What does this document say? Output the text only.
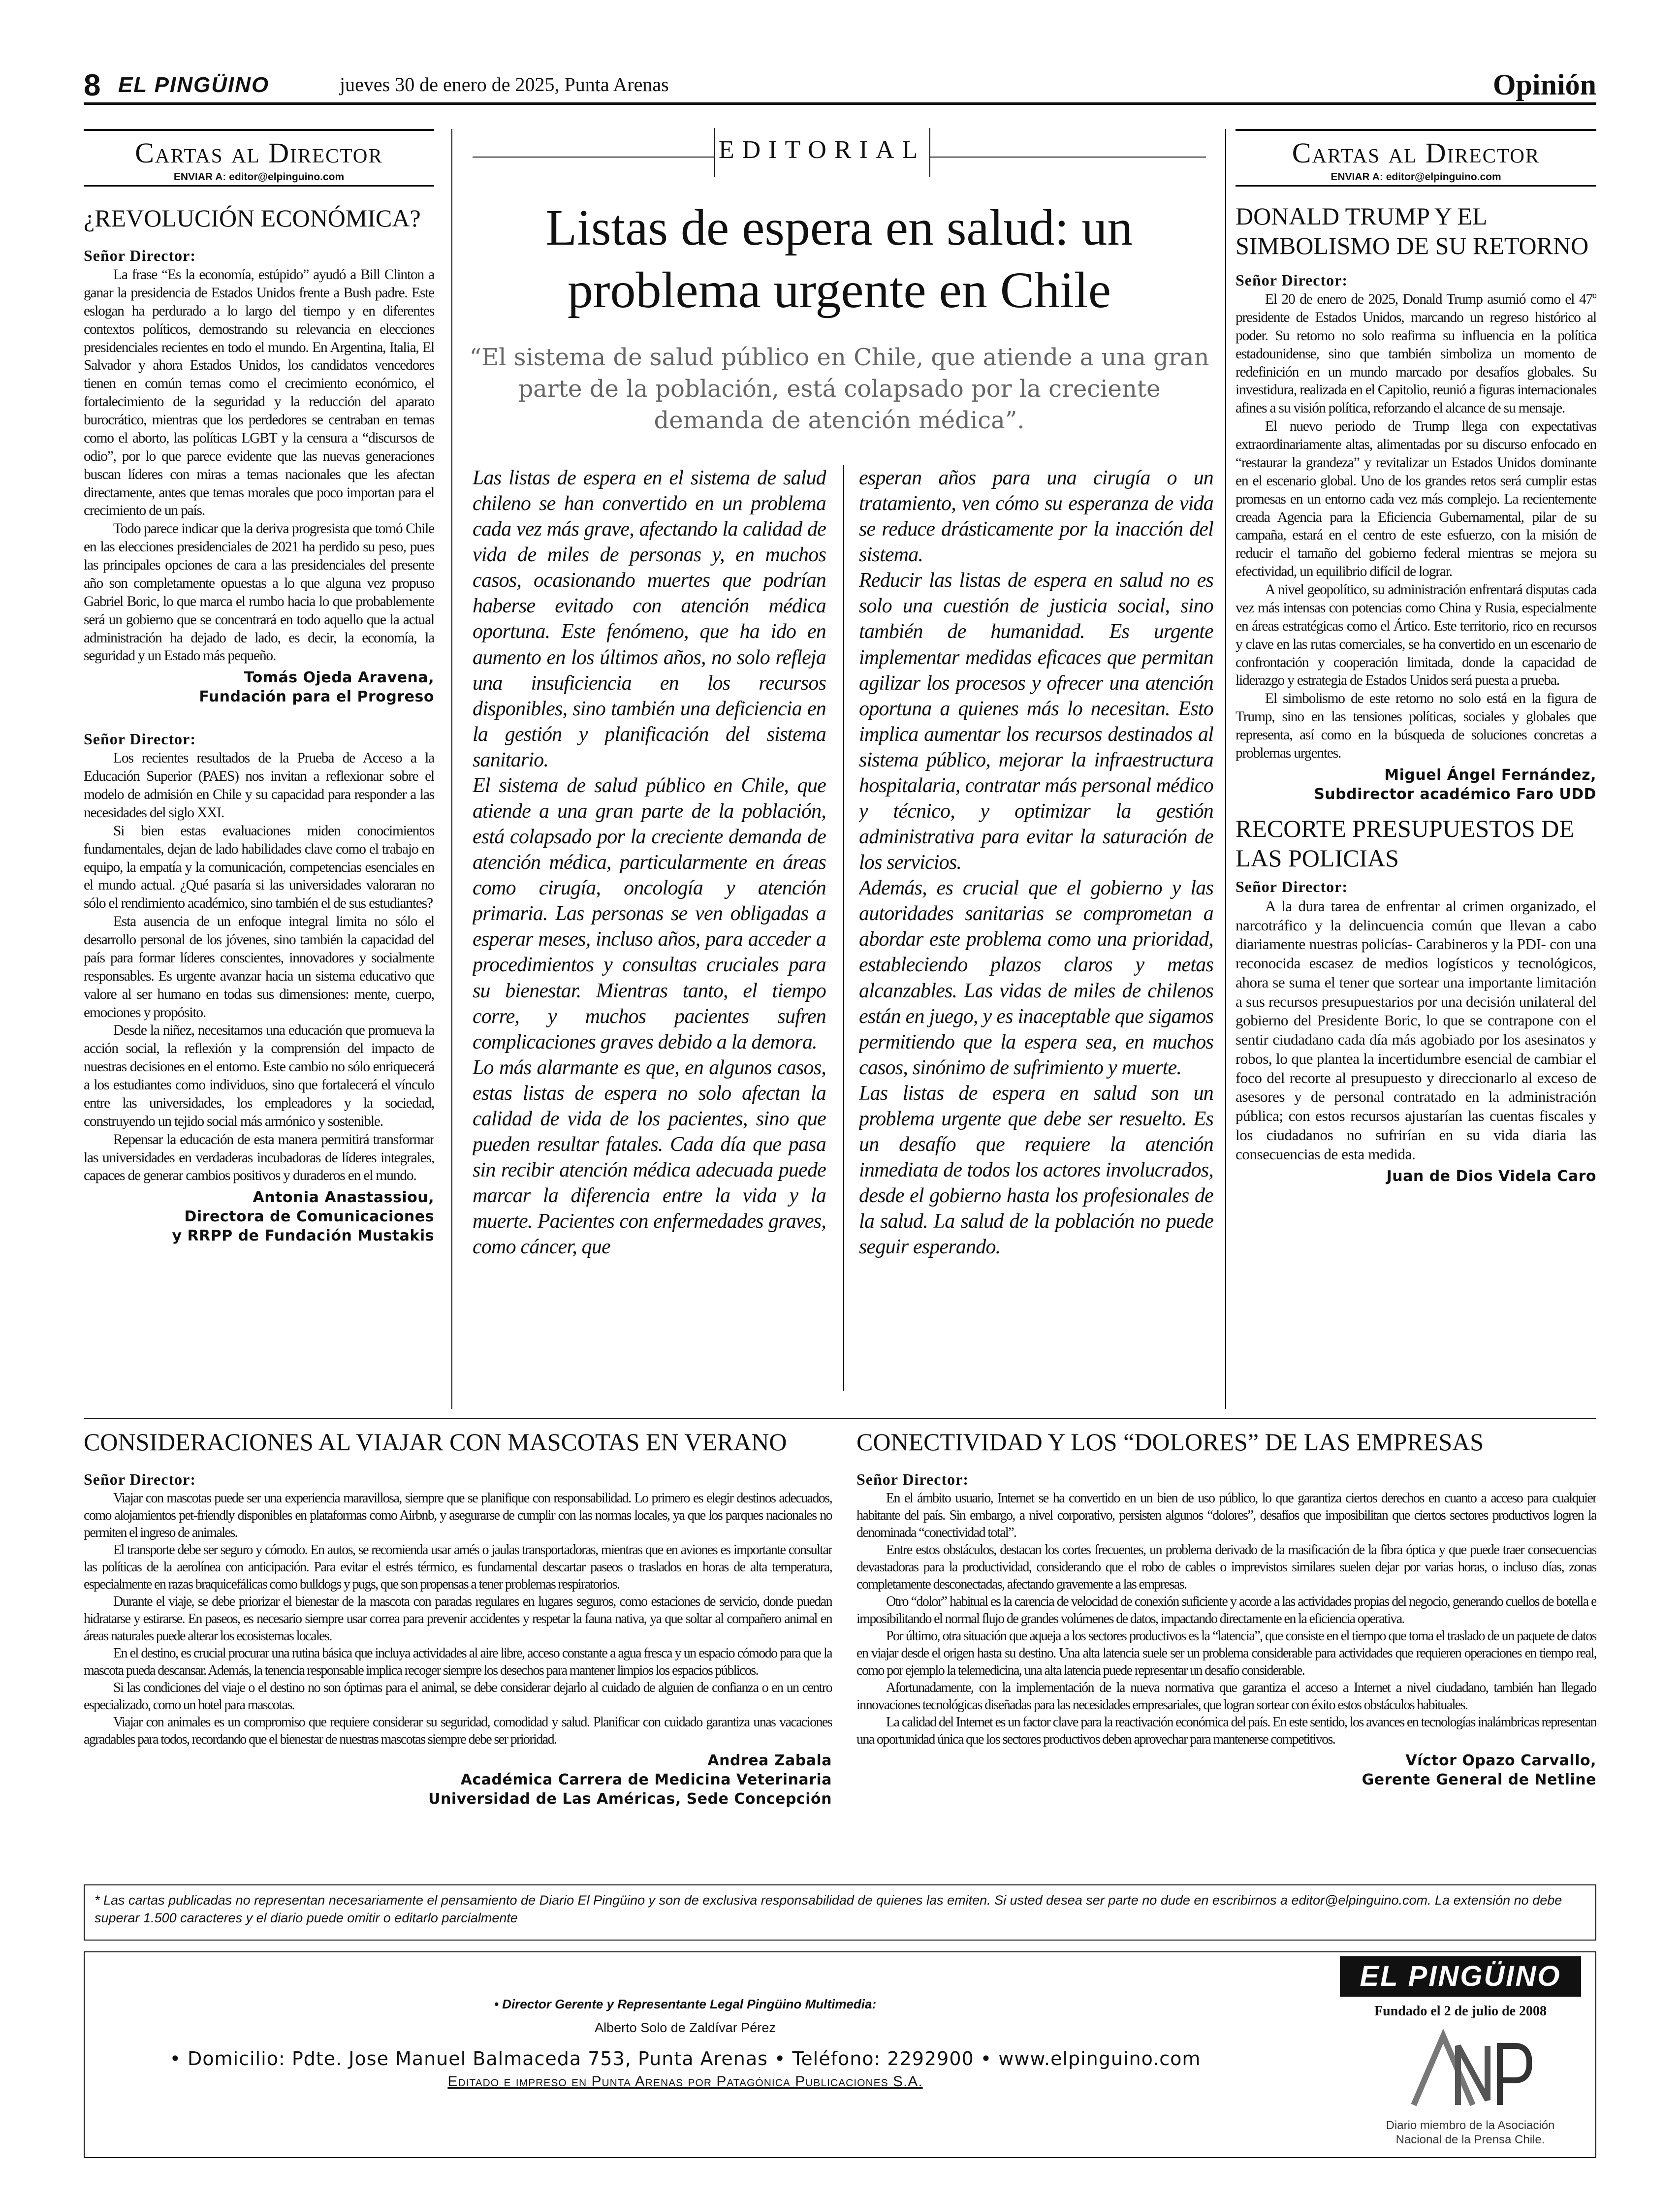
8 EL PINGÜINO	jueves 30 de enero de 2025, Punta Arenas	Opinión
Cartas al Director
ENVIAR A: editor@elpinguino.com
¿REVOLUCIÓN ECONÓMICA?
Señor Director:

La frase “Es la economía, estúpido” ayudó a Bill Clinton a ganar la presidencia de Estados Unidos frente a Bush padre. Este eslogan ha perdurado a lo largo del tiempo y en diferentes contextos políticos, demostrando su relevancia en elecciones presidenciales recientes en todo el mundo. En Argentina, Italia, El Salvador y ahora Estados Unidos, los candidatos vencedores tienen en común temas como el crecimiento económico, el fortalecimiento de la seguridad y la reducción del aparato burocrático, mientras que los perdedores se centraban en temas como el aborto, las políticas LGBT y la censura a “discursos de odio”, por lo que parece evidente que las nuevas generaciones buscan líderes con miras a temas nacionales que les afectan directamente, antes que temas morales que poco importan para el crecimiento de un país.

Todo parece indicar que la deriva progresista que tomó Chile en las elecciones presidenciales de 2021 ha perdido su peso, pues las principales opciones de cara a las presidenciales del presente año son completamente opuestas a lo que alguna vez propuso Gabriel Boric, lo que marca el rumbo hacia lo que probablemente será un gobierno que se concentrará en todo aquello que la actual administración ha dejado de lado, es decir, la economía, la seguridad y un Estado más pequeño.

Tomás Ojeda Aravena,
Fundación para el Progreso
Señor Director:

Los recientes resultados de la Prueba de Acceso a la Educación Superior (PAES) nos invitan a reflexionar sobre el modelo de admisión en Chile y su capacidad para responder a las necesidades del siglo XXI.

Si bien estas evaluaciones miden conocimientos fundamentales, dejan de lado habilidades clave como el trabajo en equipo, la empatía y la comunicación, competencias esenciales en el mundo actual. ¿Qué pasaría si las universidades valoraran no sólo el rendimiento académico, sino también el de sus estudiantes?

Esta ausencia de un enfoque integral limita no sólo el desarrollo personal de los jóvenes, sino también la capacidad del país para formar líderes conscientes, innovadores y socialmente responsables. Es urgente avanzar hacia un sistema educativo que valore al ser humano en todas sus dimensiones: mente, cuerpo, emociones y propósito.

Desde la niñez, necesitamos una educación que promueva la acción social, la reflexión y la comprensión del impacto de nuestras decisiones en el entorno. Este cambio no sólo enriquecerá a los estudiantes como individuos, sino que fortalecerá el vínculo entre las universidades, los empleadores y la sociedad, construyendo un tejido social más armónico y sostenible.

Repensar la educación de esta manera permitirá transformar las universidades en verdaderas incubadoras de líderes integrales, capaces de generar cambios positivos y duraderos en el mundo.

Antonia Anastassiou,
Directora de Comunicaciones
y RRPP de Fundación Mustakis
EDITORIAL
Listas de espera en salud: un problema urgente en Chile
“El sistema de salud público en Chile, que atiende a una gran parte de la población, está colapsado por la creciente demanda de atención médica”.

Las listas de espera en el sistema de salud chileno se han convertido en un problema cada vez más grave, afectando la calidad de vida de miles de personas y, en muchos casos, ocasionando muertes que podrían haberse evitado con atención médica oportuna. Este fenómeno, que ha ido en aumento en los últimos años, no solo refleja una insuficiencia en los recursos disponibles, sino también una deficiencia en la gestión y planificación del sistema sanitario.

El sistema de salud público en Chile, que atiende a una gran parte de la población, está colapsado por la creciente demanda de atención médica, particularmente en áreas como cirugía, oncología y atención primaria. Las personas se ven obligadas a esperar meses, incluso años, para acceder a procedimientos y consultas cruciales para su bienestar. Mientras tanto, el tiempo corre, y muchos pacientes sufren complicaciones graves debido a la demora.

Lo más alarmante es que, en algunos casos, estas listas de espera no solo afectan la calidad de vida de los pacientes, sino que pueden resultar fatales. Cada día que pasa sin recibir atención médica adecuada puede marcar la diferencia entre la vida y la muerte. Pacientes con enfermedades graves, como cáncer, que

esperan años para una cirugía o un tratamiento, ven cómo su esperanza de vida se reduce drásticamente por la inacción del sistema.

Reducir las listas de espera en salud no es solo una cuestión de justicia social, sino también de humanidad. Es urgente implementar medidas eficaces que permitan agilizar los procesos y ofrecer una atención oportuna a quienes más lo necesitan. Esto implica aumentar los recursos destinados al sistema público, mejorar la infraestructura hospitalaria, contratar más personal médico y técnico, y optimizar la gestión administrativa para evitar la saturación de los servicios.

Además, es crucial que el gobierno y las autoridades sanitarias se comprometan a abordar este problema como una prioridad, estableciendo plazos claros y metas alcanzables. Las vidas de miles de chilenos están en juego, y es inaceptable que sigamos permitiendo que la espera sea, en muchos casos, sinónimo de sufrimiento y muerte.

Las listas de espera en salud son un problema urgente que debe ser resuelto. Es un desafío que requiere la atención inmediata de todos los actores involucrados, desde el gobierno hasta los profesionales de la salud. La salud de la población no puede seguir esperando.

Cartas al Director
ENVIAR A: editor@elpinguino.com
DONALD TRUMP Y EL SIMBOLISMO DE SU RETORNO
Señor Director:

El 20 de enero de 2025, Donald Trump asumió como el 47º presidente de Estados Unidos, marcando un regreso histórico al poder. Su retorno no solo reafirma su influencia en la política estadounidense, sino que también simboliza un momento de redefinición en un mundo marcado por desafíos globales. Su investidura, realizada en el Capitolio, reunió a figuras internacionales afines a su visión política, reforzando el alcance de su mensaje.

El nuevo periodo de Trump llega con expectativas extraordinariamente altas, alimentadas por su discurso enfocado en “restaurar la grandeza” y revitalizar un Estados Unidos dominante en el escenario global. Uno de los grandes retos será cumplir estas promesas en un entorno cada vez más complejo. La recientemente creada Agencia para la Eficiencia Gubernamental, pilar de su campaña, estará en el centro de este esfuerzo, con la misión de reducir el tamaño del gobierno federal mientras se mejora su efectividad, un equilibrio difícil de lograr.

A nivel geopolítico, su administración enfrentará disputas cada vez más intensas con potencias como China y Rusia, especialmente en áreas estratégicas como el Ártico. Este territorio, rico en recursos y clave en las rutas comerciales, se ha convertido en un escenario de confrontación y cooperación limitada, donde la capacidad de liderazgo y estrategia de Estados Unidos será puesta a prueba.

El simbolismo de este retorno no solo está en la figura de Trump, sino en las tensiones políticas, sociales y globales que representa, así como en la búsqueda de soluciones concretas a problemas urgentes.

Miguel Ángel Fernández,
Subdirector académico Faro UDD
RECORTE PRESUPUESTOS DE LAS POLICIAS
Señor Director:

A la dura tarea de enfrentar al crimen organizado, el narcotráfico y la delincuencia común que llevan a cabo diariamente nuestras policías- Carabineros y la PDI- con una reconocida escasez de medios logísticos y tecnológicos, ahora se suma el tener que sortear una importante limitación a sus recursos presupuestarios por una decisión unilateral del gobierno del Presidente Boric, lo que se contrapone con el sentir ciudadano cada día más agobiado por los asesinatos y robos, lo que plantea la incertidumbre esencial de cambiar el foco del recorte al presupuesto y direccionarlo al exceso de asesores y de personal contratado en la administración pública; con estos recursos ajustarían las cuentas fiscales y los ciudadanos no sufrirían en su vida diaria las consecuencias de esta medida.

Juan de Dios Videla Caro
CONSIDERACIONES AL VIAJAR CON MASCOTAS EN VERANO
Señor Director:

Viajar con mascotas puede ser una experiencia maravillosa, siempre que se planifique con responsabilidad. Lo primero es elegir destinos adecuados, como alojamientos pet-friendly disponibles en plataformas como Airbnb, y asegurarse de cumplir con las normas locales, ya que los parques nacionales no permiten el ingreso de animales.

El transporte debe ser seguro y cómodo. En autos, se recomienda usar arnés o jaulas transportadoras, mientras que en aviones es importante consultar las políticas de la aerolínea con anticipación. Para evitar el estrés térmico, es fundamental descartar paseos o traslados en horas de alta temperatura, especialmente en razas braquicefálicas como bulldogs y pugs, que son propensas a tener problemas respiratorios.

Durante el viaje, se debe priorizar el bienestar de la mascota con paradas regulares en lugares seguros, como estaciones de servicio, donde puedan hidratarse y estirarse. En paseos, es necesario siempre usar correa para prevenir accidentes y respetar la fauna nativa, ya que soltar al compañero animal en áreas naturales puede alterar los ecosistemas locales.

En el destino, es crucial procurar una rutina básica que incluya actividades al aire libre, acceso constante a agua fresca y un espacio cómodo para que la mascota pueda descansar. Además, la tenencia responsable implica recoger siempre los desechos para mantener limpios los espacios públicos.

Si las condiciones del viaje o el destino no son óptimas para el animal, se debe considerar dejarlo al cuidado de alguien de confianza o en un centro especializado, como un hotel para mascotas.

Viajar con animales es un compromiso que requiere considerar su seguridad, comodidad y salud. Planificar con cuidado garantiza unas vacaciones agradables para todos, recordando que el bienestar de nuestras mascotas siempre debe ser prioridad.

Andrea Zabala
Académica Carrera de Medicina Veterinaria
Universidad de Las Américas, Sede Concepción
CONECTIVIDAD Y LOS “DOLORES” DE LAS EMPRESAS
Señor Director:

En el ámbito usuario, Internet se ha convertido en un bien de uso público, lo que garantiza ciertos derechos en cuanto a acceso para cualquier habitante del país. Sin embargo, a nivel corporativo, persisten algunos “dolores”, desafíos que imposibilitan que ciertos sectores productivos logren la denominada “conectividad total”.

Entre estos obstáculos, destacan los cortes frecuentes, un problema derivado de la masificación de la fibra óptica y que puede traer consecuencias devastadoras para la productividad, considerando que el robo de cables o imprevistos similares suelen dejar por varias horas, o incluso días, zonas completamente desconectadas, afectando gravemente a las empresas.

Otro “dolor” habitual es la carencia de velocidad de conexión suficiente y acorde a las actividades propias del negocio, generando cuellos de botella e imposibilitando el normal flujo de grandes volúmenes de datos, impactando directamente en la eficiencia operativa.

Por último, otra situación que aqueja a los sectores productivos es la “latencia”, que consiste en el tiempo que toma el traslado de un paquete de datos en viajar desde el origen hasta su destino. Una alta latencia suele ser un problema considerable para actividades que requieren operaciones en tiempo real, como por ejemplo la telemedicina, una alta latencia puede representar un desafío considerable.

Afortunadamente, con la implementación de la nueva normativa que garantiza el acceso a Internet a nivel ciudadano, también han llegado innovaciones tecnológicas diseñadas para las necesidades empresariales, que logran sortear con éxito estos obstáculos habituales.

La calidad del Internet es un factor clave para la reactivación económica del país. En este sentido, los avances en tecnologías inalámbricas representan una oportunidad única que los sectores productivos deben aprovechar para mantenerse competitivos.

Víctor Opazo Carvallo,
Gerente General de Netline
* Las cartas publicadas no representan necesariamente el pensamiento de Diario El Pingüino y son de exclusiva responsabilidad de quienes las emiten. Si usted desea ser parte no dude en escribirnos a editor@elpinguino.com. La extensión no debe superar 1.500 caracteres y el diario puede omitir o editarlo parcialmente
• Director Gerente y Representante Legal Pingüino Multimedia:
Alberto Solo de Zaldívar Pérez
• Domicilio: Pdte. Jose Manuel Balmaceda 753, Punta Arenas • Teléfono: 2292900 • www.elpinguino.com
Editado e impreso en Punta Arenas por Patagónica Publicaciones S.A.
EL PINGÜINO
Fundado el 2 de julio de 2008
Diario miembro de la Asociación Nacional de la Prensa Chile.
